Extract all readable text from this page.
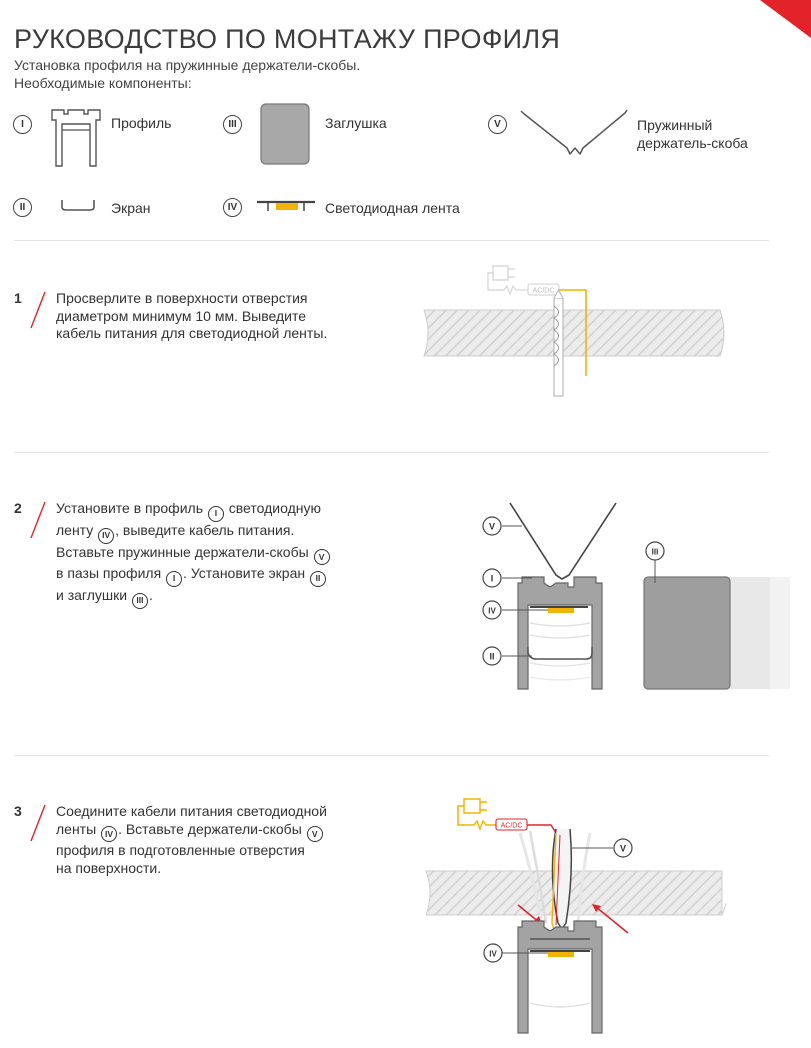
РУКОВОДСТВО ПО МОНТАЖУ ПРОФИЛЯ
Установка профиля на пружинные держатели-скобы.
Необходимые компоненты:
I	Профиль	III	Заглушка	V	Пружинный
держатель-скоба
II	Экран	IV	Светодиодная лента
1 Просверлите в поверхности отверстия
диаметром минимум 10 мм. Выведите
кабель питания для светодиодной ленты.
AC/DC
2 Установите в профиль I светодиодную
ленту IV , выведите кабель питания.
Вставьте пружинные держатели-скобы V
в пазы профиля I . Установите экран II
и заглушки III .
V
I
IV
II
III
3 Соедините кабели питания светодиодной
ленты IV . Вставьте держатели-скобы V
профиля в подготовленные отверстия
на поверхности.
AC/DC
V
IV
